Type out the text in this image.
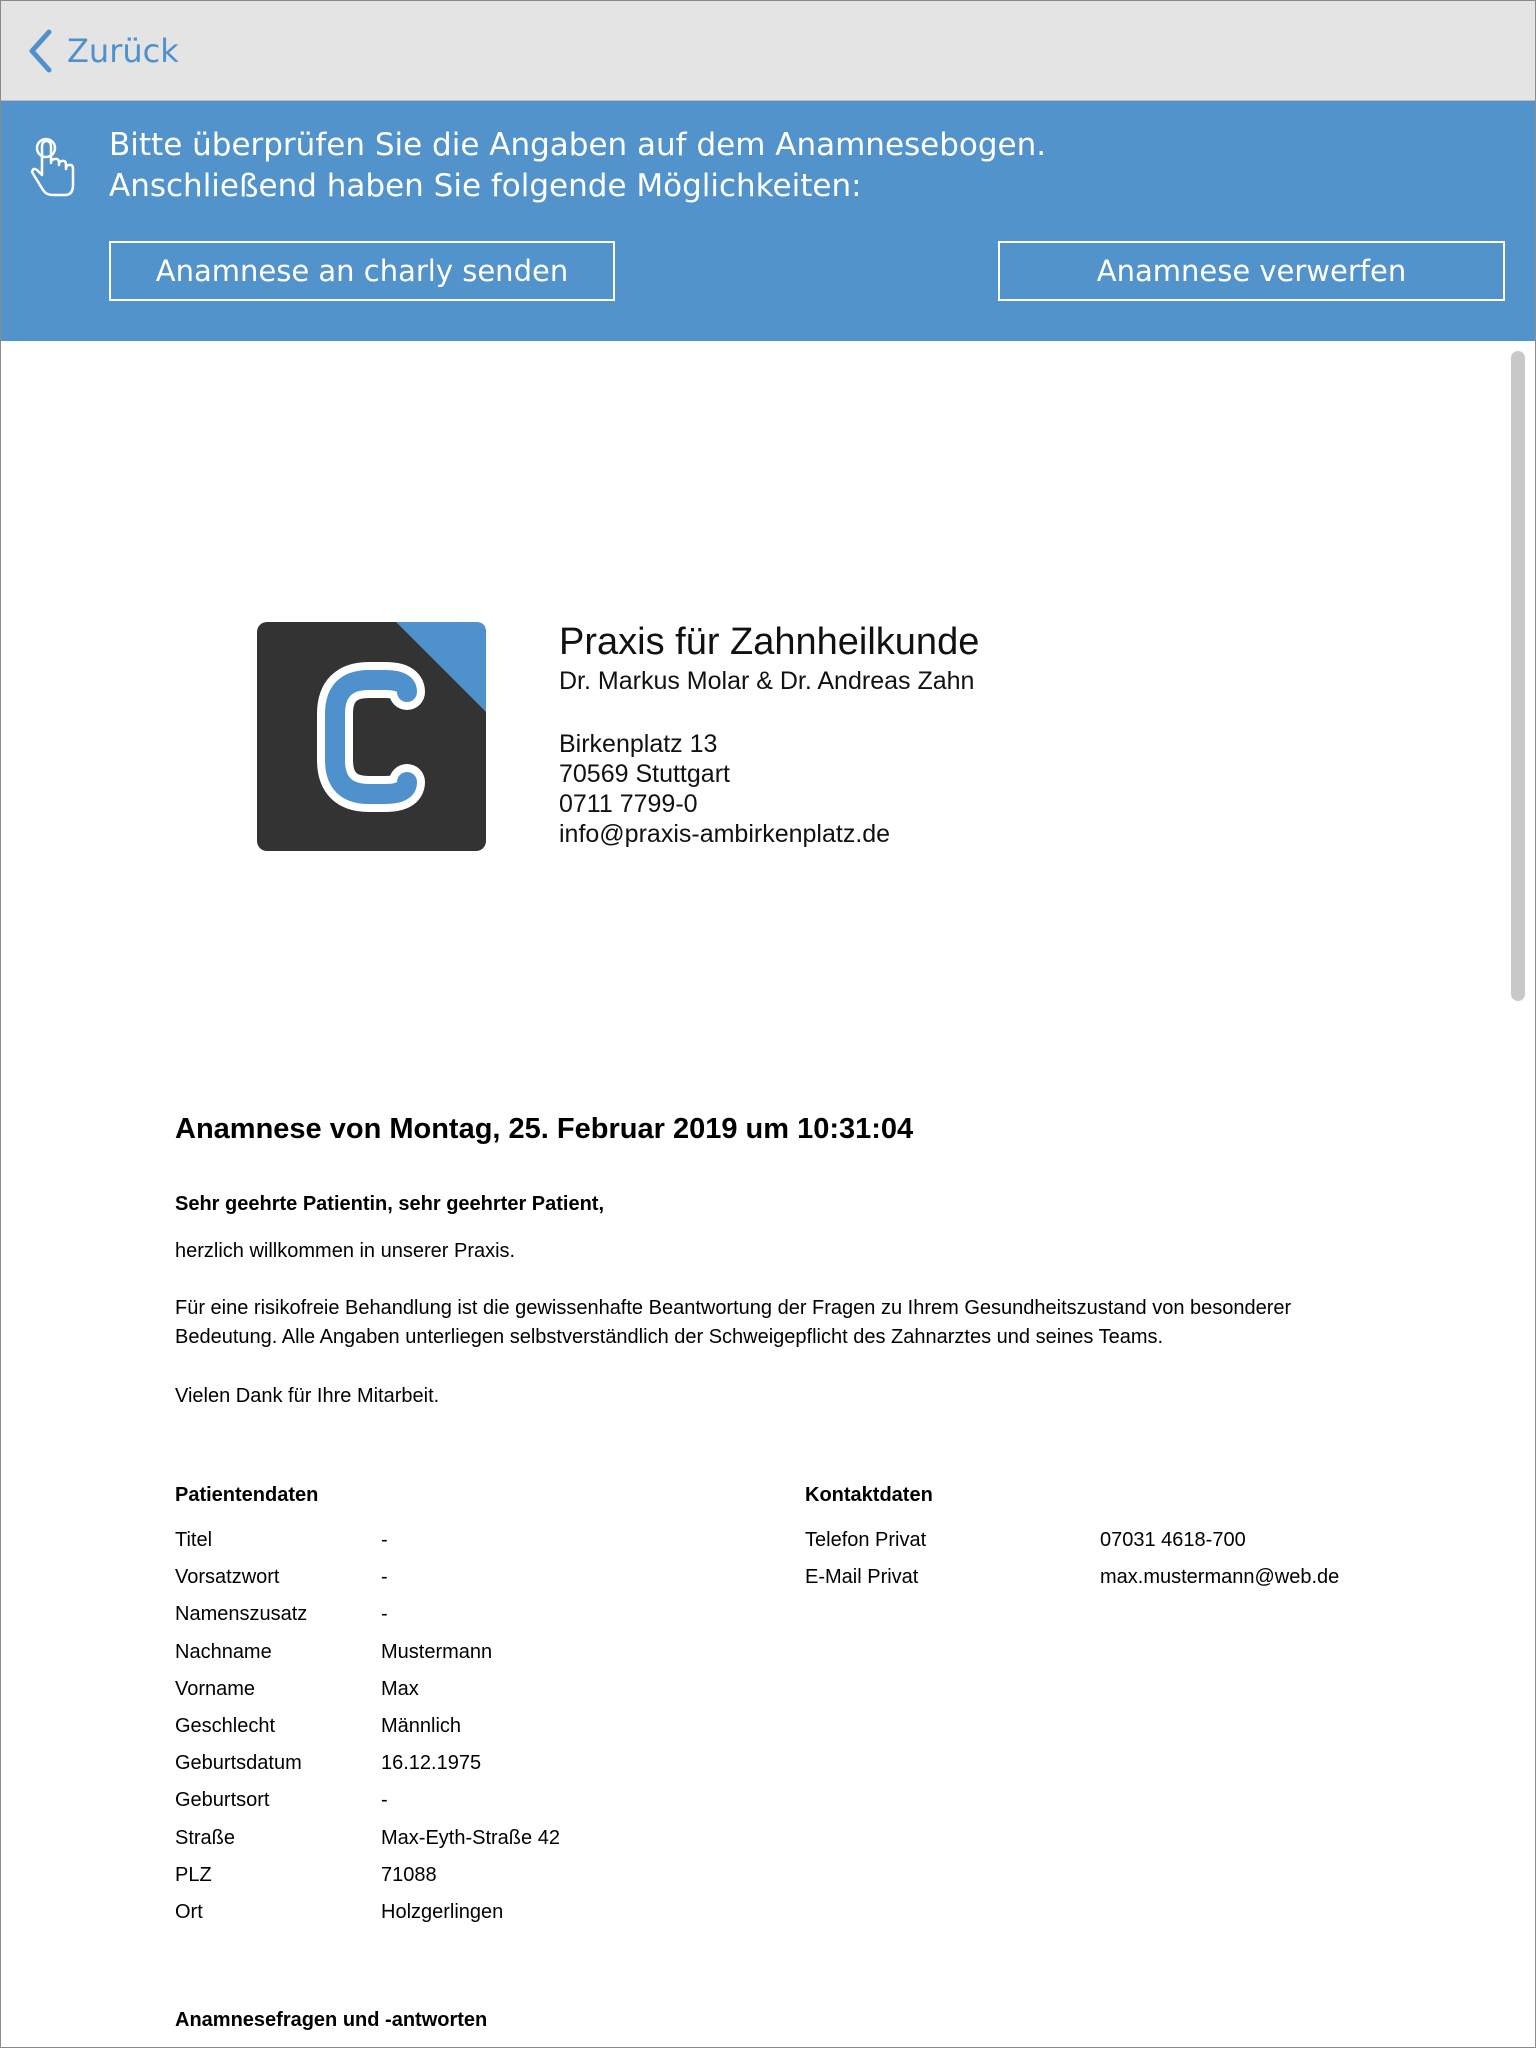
Zurück
Bitte überprüfen Sie die Angaben auf dem Anamnesebogen.
Anschließend haben Sie folgende Möglichkeiten:
Anamnese an charly senden	Anamnese verwerfen
Praxis für Zahnheilkunde
Dr. Markus Molar & Dr. Andreas Zahn
Birkenplatz 13
70569 Stuttgart
0711 7799-0
info@praxis-ambirkenplatz.de
Anamnese von Montag, 25. Februar 2019 um 10:31:04
Sehr geehrte Patientin, sehr geehrter Patient,
herzlich willkommen in unserer Praxis.
Für eine risikofreie Behandlung ist die gewissenhafte Beantwortung der Fragen zu Ihrem Gesundheitszustand von besonderer Bedeutung. Alle Angaben unterliegen selbstverständlich der Schweigepflicht des Zahnarztes und seines Teams.
Vielen Dank für Ihre Mitarbeit.
Patientendaten
Titel	-
Vorsatzwort	-
Namenszusatz	-
Nachname	Mustermann
Vorname	Max
Geschlecht	Männlich
Geburtsdatum	16.12.1975
Geburtsort	-
Straße	Max-Eyth-Straße 42
PLZ	71088
Ort	Holzgerlingen
Kontaktdaten
Telefon Privat	07031 4618-700
E-Mail Privat	max.mustermann@web.de
Anamnesefragen und -antworten
